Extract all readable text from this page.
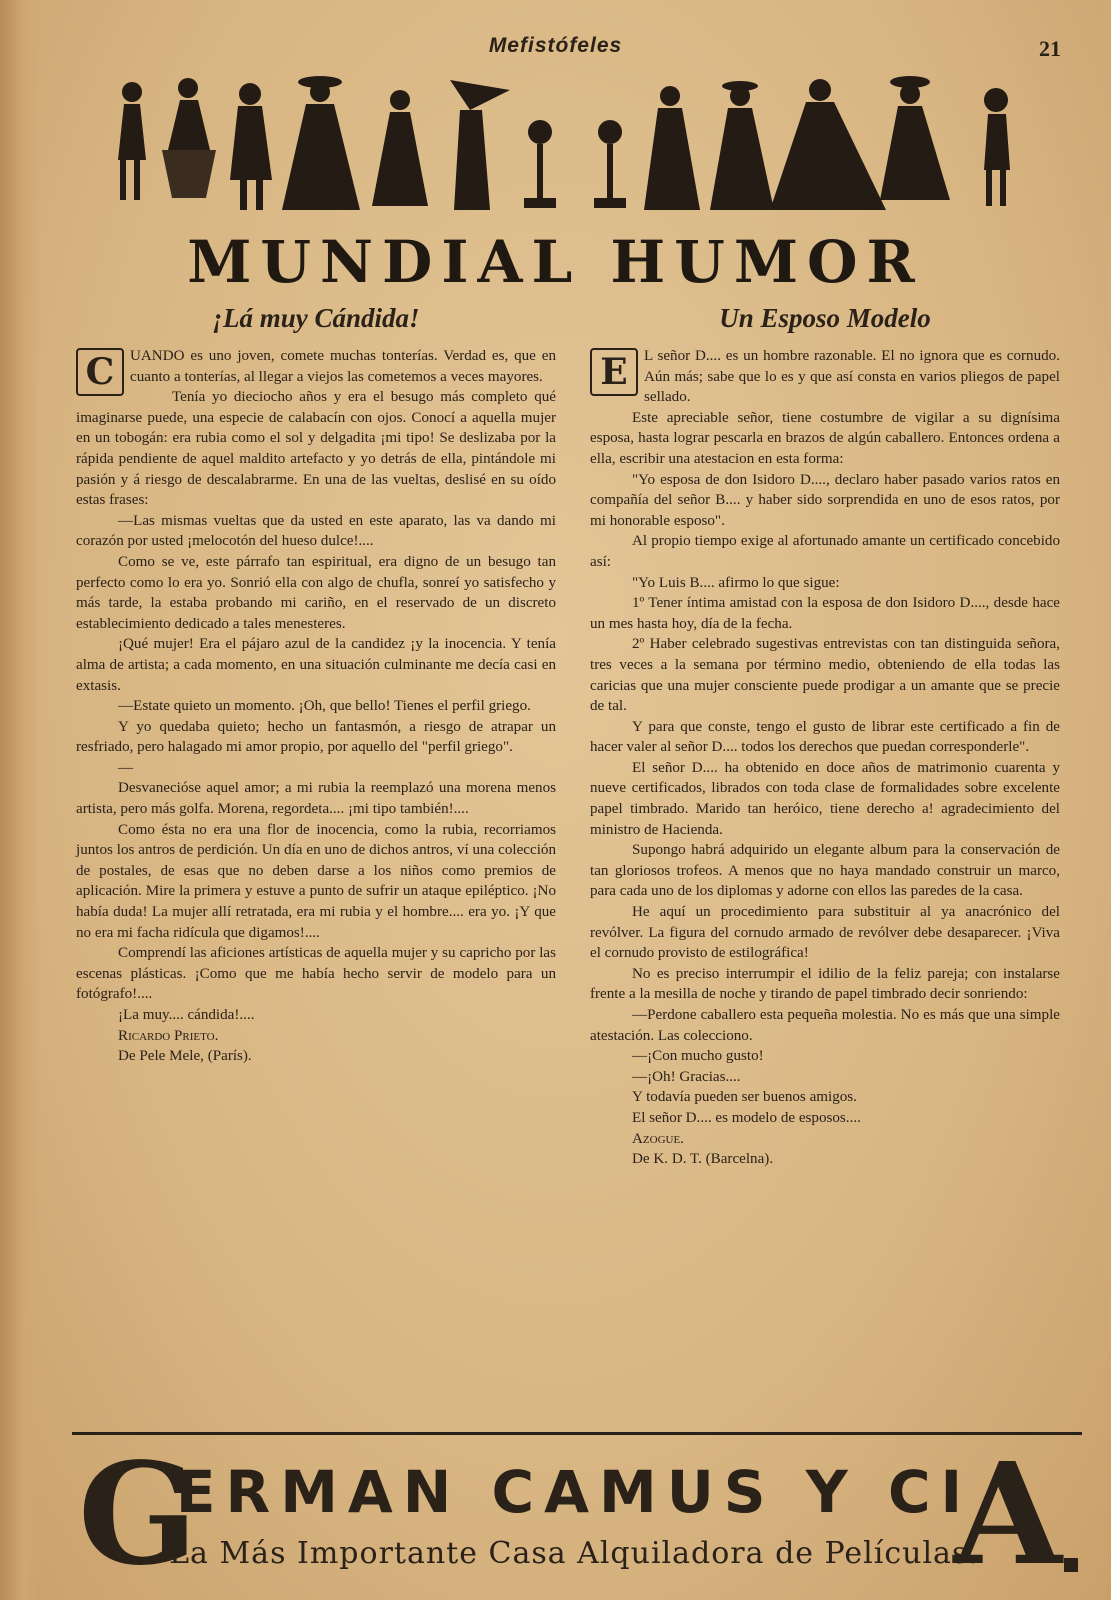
Mefistófeles	21
MUNDIAL HUMOR
¡Lá muy Cándida!

C	UANDO es uno joven, comete muchas tonterías. Verdad es, que en cuanto a tonterías, al llegar a viejos las cometemos a veces mayores.

Tenía yo dieciocho años y era el besugo más completo qué imaginarse puede, una especie de calabacín con ojos. Conocí a aquella mujer en un tobogán: era rubia como el sol y delgadita ¡mi tipo! Se deslizaba por la rápida pendiente de aquel maldito artefacto y yo detrás de ella, pintándole mi pasión y á riesgo de descalabrarme. En una de las vueltas, deslisé en su oído estas frases:

—Las mismas vueltas que da usted en este aparato, las va dando mi corazón por usted ¡melocotón del hueso dulce!....

Como se ve, este párrafo tan espiritual, era digno de un besugo tan perfecto como lo era yo. Sonrió ella con algo de chufla, sonreí yo satisfecho y más tarde, la estaba probando mi cariño, en el reservado de un discreto establecimiento dedicado a tales menesteres.

¡Qué mujer! Era el pájaro azul de la candidez ¡y la inocencia. Y tenía alma de artista; a cada momento, en una situación culminante me decía casi en extasis.

—Estate quieto un momento. ¡Oh, que bello! Tienes el perfil griego.

Y yo quedaba quieto; hecho un fantasmón, a riesgo de atrapar un resfriado, pero halagado mi amor propio, por aquello del "perfil griego".

—

Desvanecióse aquel amor; a mi rubia la reemplazó una morena menos artista, pero más golfa. Morena, regordeta.... ¡mi tipo también!....

Como ésta no era una flor de inocencia, como la rubia, recorriamos juntos los antros de perdición. Un día en uno de dichos antros, ví una colección de postales, de esas que no deben darse a los niños como premios de aplicación. Mire la primera y estuve a punto de sufrir un ataque epiléptico. ¡No había duda! La mujer allí retratada, era mi rubia y el hombre.... era yo. ¡Y que no era mi facha ridícula que digamos!....

Comprendí las aficiones artísticas de aquella mujer y su capricho por las escenas plásticas. ¡Como que me había hecho servir de modelo para un fotógrafo!....

¡La muy.... cándida!....

Ricardo Prieto.

De Pele Mele, (París).

Un Esposo Modelo

E	L señor D.... es un hombre razonable. El no ignora que es cornudo. Aún más; sabe que lo es y que así consta en varios pliegos de papel sellado.

Este apreciable señor, tiene costumbre de vigilar a su dignísima esposa, hasta lograr pescarla en brazos de algún caballero. Entonces ordena a ella, escribir una atestacion en esta forma:

"Yo esposa de don Isidoro D...., declaro haber pasado varios ratos en compañía del señor B.... y haber sido sorprendida en uno de esos ratos, por mi honorable esposo".

Al propio tiempo exige al afortunado amante un certificado concebido así:

"Yo Luis B.... afirmo lo que sigue:

1º Tener íntima amistad con la esposa de don Isidoro D...., desde hace un mes hasta hoy, día de la fecha.

2º Haber celebrado sugestivas entrevistas con tan distinguida señora, tres veces a la semana por término medio, obteniendo de ella todas las caricias que una mujer consciente puede prodigar a un amante que se precie de tal.

Y para que conste, tengo el gusto de librar este certificado a fin de hacer valer al señor D.... todos los derechos que puedan corresponderle".

El señor D.... ha obtenido en doce años de matrimonio cuarenta y nueve certificados, librados con toda clase de formalidades sobre excelente papel timbrado. Marido tan heróico, tiene derecho a! agradecimiento del ministro de Hacienda.

Supongo habrá adquirido un elegante album para la conservación de tan gloriosos trofeos. A menos que no haya mandado construir un marco, para cada uno de los diplomas y adorne con ellos las paredes de la casa.

He aquí un procedimiento para substituir al ya anacrónico del revólver. La figura del cornudo armado de revólver debe desaparecer. ¡Viva el cornudo provisto de estilográfica!

No es preciso interrumpir el idilio de la feliz pareja; con instalarse frente a la mesilla de noche y tirando de papel timbrado decir sonriendo:

—Perdone caballero esta pequeña molestia. No es más que una simple atestación. Las colecciono.

—¡Con mucho gusto!

—¡Oh! Gracias....

Y todavía pueden ser buenos amigos.

El señor D.... es modelo de esposos....

Azogue.

De K. D. T. (Barcelna).

G
ERMAN CAMUS Y CI
La Más Importante Casa Alquiladora de Películas.
A
